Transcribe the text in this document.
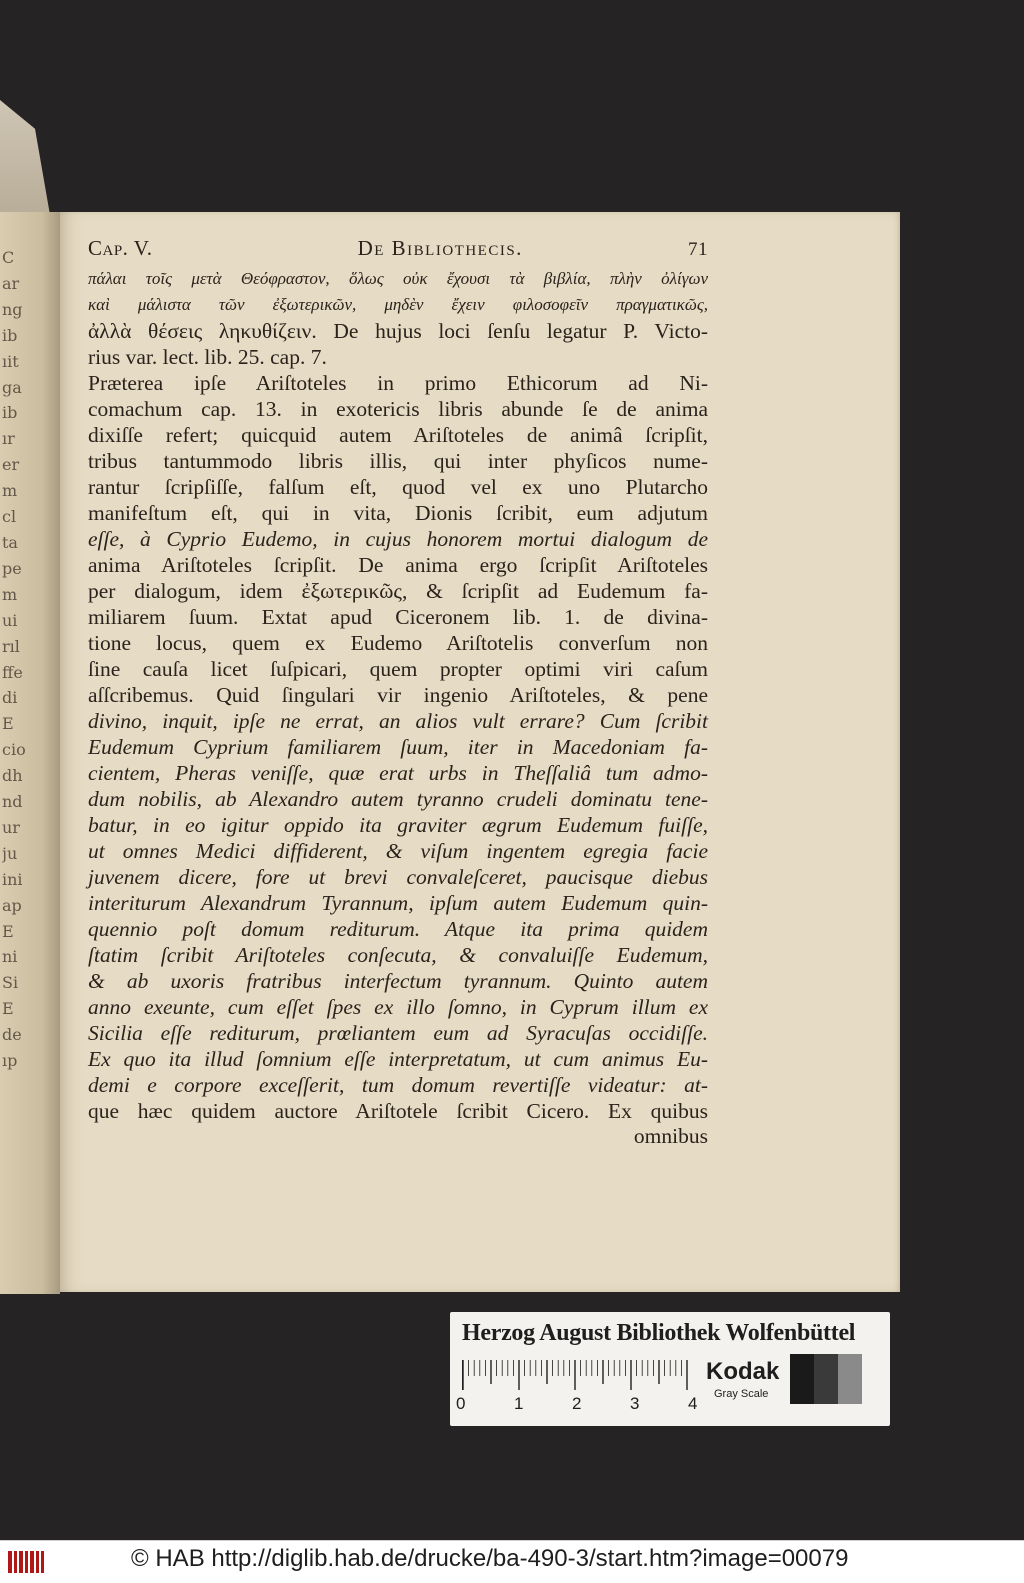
C
ar
ng
ib
ıit
ga
ib
ır
er
m
cl
ta
pe
m
ui
rıl
ffe
di
E
cio
dh
nd
ur
ju
ini
ap
E
ni
Si
E
de
ıp
Cap. V.	De Bibliothecis.	71
πάλαι τοῖς μετὰ Θεόφραστον, ὅλως οὐκ ἔχουσι τὰ βιβλία, πλὴν ὀλίγων
καὶ μάλιστα τῶν ἐξωτερικῶν, μηδὲν ἔχειν φιλοσοφεῖν πραγματικῶς,
ἀλλὰ θέσεις ληκυθίζειν. De hujus loci ſenſu legatur P. Victo-
rius var. lect. lib. 25. cap. 7.
Præterea ipſe Ariſtoteles in primo Ethicorum ad Ni-
comachum cap. 13. in exotericis libris abunde ſe de anima
dixiſſe refert; quicquid autem Ariſtoteles de animâ ſcripſit,
tribus tantummodo libris illis, qui inter phyſicos nume-
rantur ſcripſiſſe, falſum eſt, quod vel ex uno Plutarcho
manifeſtum eſt, qui in vita, Dionis ſcribit, eum adjutum
eſſe, à Cyprio Eudemo, in cujus honorem mortui dialogum de
anima Ariſtoteles ſcripſit. De anima ergo ſcripſit Ariſtoteles
per dialogum, idem ἐξωτερικῶς, & ſcripſit ad Eudemum fa-
miliarem ſuum. Extat apud Ciceronem lib. 1. de divina-
tione locus, quem ex Eudemo Ariſtotelis converſum non
ſine cauſa licet ſuſpicari, quem propter optimi viri caſum
aſſcribemus. Quid ſingulari vir ingenio Ariſtoteles, & pene
divino, inquit, ipſe ne errat, an alios vult errare? Cum ſcribit
Eudemum Cyprium familiarem ſuum, iter in Macedoniam fa-
cientem, Pheras veniſſe, quæ erat urbs in Theſſaliâ tum admo-
dum nobilis, ab Alexandro autem tyranno crudeli dominatu tene-
batur, in eo igitur oppido ita graviter ægrum Eudemum fuiſſe,
ut omnes Medici diffiderent, & viſum ingentem egregia facie
juvenem dicere, fore ut brevi convaleſceret, paucisque diebus
interiturum Alexandrum Tyrannum, ipſum autem Eudemum quin-
quennio poſt domum rediturum. Atque ita prima quidem
ſtatim ſcribit Ariſtoteles conſecuta, & convaluiſſe Eudemum,
& ab uxoris fratribus interfectum tyrannum. Quinto autem
anno exeunte, cum eſſet ſpes ex illo ſomno, in Cyprum illum ex
Sicilia eſſe rediturum, prœliantem eum ad Syracuſas occidiſſe.
Ex quo ita illud ſomnium eſſe interpretatum, ut cum animus Eu-
demi e corpore exceſſerit, tum domum revertiſſe videatur: at-
que hæc quidem auctore Ariſtotele ſcribit Cicero. Ex quibus
omnibus
Herzog August Bibliothek Wolfenbüttel
0	1	2	3	4
Kodak
Gray Scale
© HAB http://diglib.hab.de/drucke/ba-490-3/start.htm?image=00079
